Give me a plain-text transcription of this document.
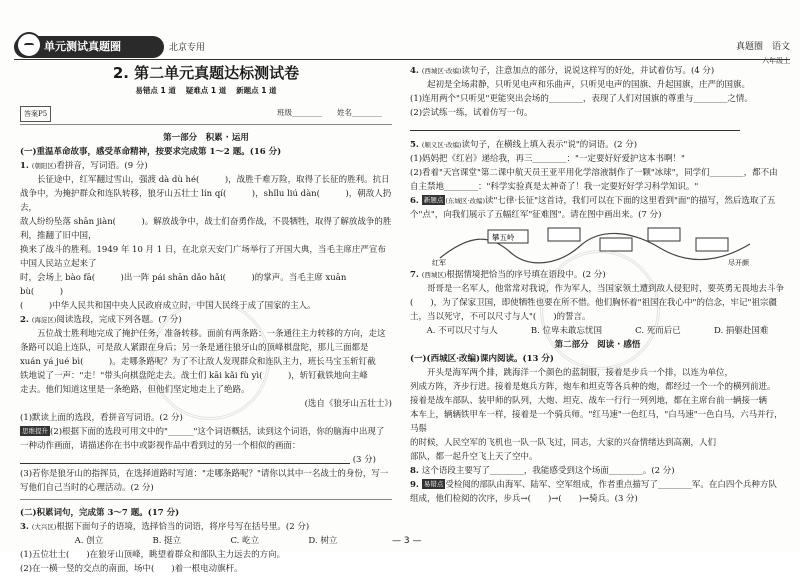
单元测试真题圈	北京专用	真题圈　语文
六年级上
2. 第二单元真题达标测试卷
易错点 1 道　 疑难点 1 道　 新题点 1 道
答案P5	班级________　　姓名________
第一部分　积累 · 运用
(一)重温革命故事，感受革命精神，按要求完成第 1～2 题。(16 分)
1. (朝阳区)看拼音，写词语。(9 分)
长征途中，红军翻过雪山，强渡 dà dù hé(　　　)，战胜千难万险，取得了长征的胜利。抗日战争中，为掩护群众和连队转移，狼牙山五壮士 lín qí(　　　)，shǐlu liú dàn(　　　)，朝敌人扔去，
敌人纷纷坠落 shān jiàn(　　　)。解放战争中，战士们奋勇作战，不畏牺牲，取得了解放战争的胜利，推翻了旧中国，
换来了战斗的胜利。1949 年 10 月 1 日，在北京天安门广场举行了开国大典，当毛主席庄严宣布中国人民站立起来了
时，会场上 bào fā(　　　)出一阵 pái shān dǎo hǎi(　　　)的掌声。当毛主席 xuān bù(　　　)
(　　　)中华人民共和国中央人民政府成立时，中国人民终于成了国家的主人。
2. (海淀区)阅读选段，完成下列各题。(7 分)
五位战士胜利地完成了掩护任务，准备转移。面前有两条路：一条通往主力转移的方向，走这
条路可以追上连队，可是敌人紧跟在身后；另一条是通往狼牙山的顶峰棋盘陀，那儿三面都是
xuán yá jué bì(　　　)。走哪条路呢？为了不让敌人发现群众和连队主力，班长马宝玉斩钉截
铁地说了一声："走！"带头向棋盘陀走去。战士们 kāi kǎi fù yì(　　　)，斩钉截铁地向主峰
走去。他们知道这里是一条绝路，但他们坚定地走上了绝路。
(选自《狼牙山五壮士》)
(1)默读上面的选段，看拼音写词语。(2 分)
思维提升 (2)根据下面的选段可用文中的"______"这个词语概括，读到这个词语，你的脑海中出现了一种动作画面，请描述你在书中或影视作品中看到过的另一个相似的画面：
(3 分)
(3)若你是狼牙山的指挥员，在选择道路时写道："走哪条路呢？"请你以其中一名战士的身份，写一写他们自己当时的心理活动。(2 分)
(二)积累词句，完成第 3～7 题。(17 分)
3. (大兴区)根据下面句子的语境，选择恰当的词语，将序号写在括号里。(2 分)
A. 创立	B. 挺立	C. 屹立	D. 树立
(1)五位壮士(　　)在狼牙山顶峰，眺望着群众和部队主力远去的方向。
(2)在一横一竖的交点的南面，场中(　　)着一根电动旗杆。
4. (西城区·改编)读句子，注意加点的部分，说说这样写的好处，并试着仿写。(4 分)
起初是全场肃静，只听见电声和乐曲声，只听见电声的国旗、升起国旗，庄严的国旗。
(1)连用两个"只听见"更能突出会场的________，表现了人们对国旗的尊重与________之情。
(2)尝试练一练，试着仿写一句。
5. (顺义区·改编)读句子，在横线上填入表示"说"的词语。(2 分)
(1)妈妈把《红岩》递给我，再三________："一定要好好爱护这本书啊！"
(2)看着"天宫课堂"第二课中航天员王亚平用化学溶液制作了一颗"冰球"，同学们________，都不由自主禁地________："科学实验真是太神奇了！我一定要好好学习科学知识。"
6. 新题点 (东城区·改编)读"七律·长征"这首诗，我们可以在下面的这里看到"面"的描写，然后选取了五个"点"，向我们展示了五幅红军"征难图"。请在图中画出来。(7 分)
攀五岭
红军	尽开颜
7. (西城区)根据情境把恰当的序号填在语段中。(2 分)
哥哥是一名军人，他常常对我说，作为军人，当国家领土遭到敌人侵犯时，要英勇无畏地去斗争(　　)，为了保家卫国，即使牺牲也要在所不惜。他们胸怀着"祖国在我心中"的信念，牢记"祖宗疆土，当以死守，不可以尺寸与人"(　　)的誓言。
A. 不可以尺寸与人	B. 位卑未敢忘忧国	C. 死而后已	D. 捐躯赴国难
第二部分　阅读 · 感悟
(一)(西城区·改编)课内阅读。(13 分)
开头是海军两个排，跳海洋一个颜色的蓝制服，接着是步兵一个排，以连为单位，
列成方阵，齐步行进。接着是炮兵方阵，炮车和坦克等各兵种的炮，都经过一个一个的横列前进。
接着是战车部队、装甲师的队列，大炮、坦克、战车一行行一列列地，都在主席台前一辆接一辆
本车上，辆辆铁甲车一样，接着是一个骑兵师。"红马速"一色红马，"白马速"一色白马，六马并行，马鬃
的时候，人民空军的飞机也一队一队飞过，同志，大家的兴奋情绪达到高潮，人们
部队，都一起升空飞上天了空中。
8. 这个语段主要写了________，我能感受到这个场面________。(2 分)
9. 易错点 受检阅的部队由海军、陆军、空军组成，作者重点描写了________军。在白四个兵种方队组成，他们检阅的次序，步兵→(　　)→(　　)→骑兵。(3 分)
— 3 —
